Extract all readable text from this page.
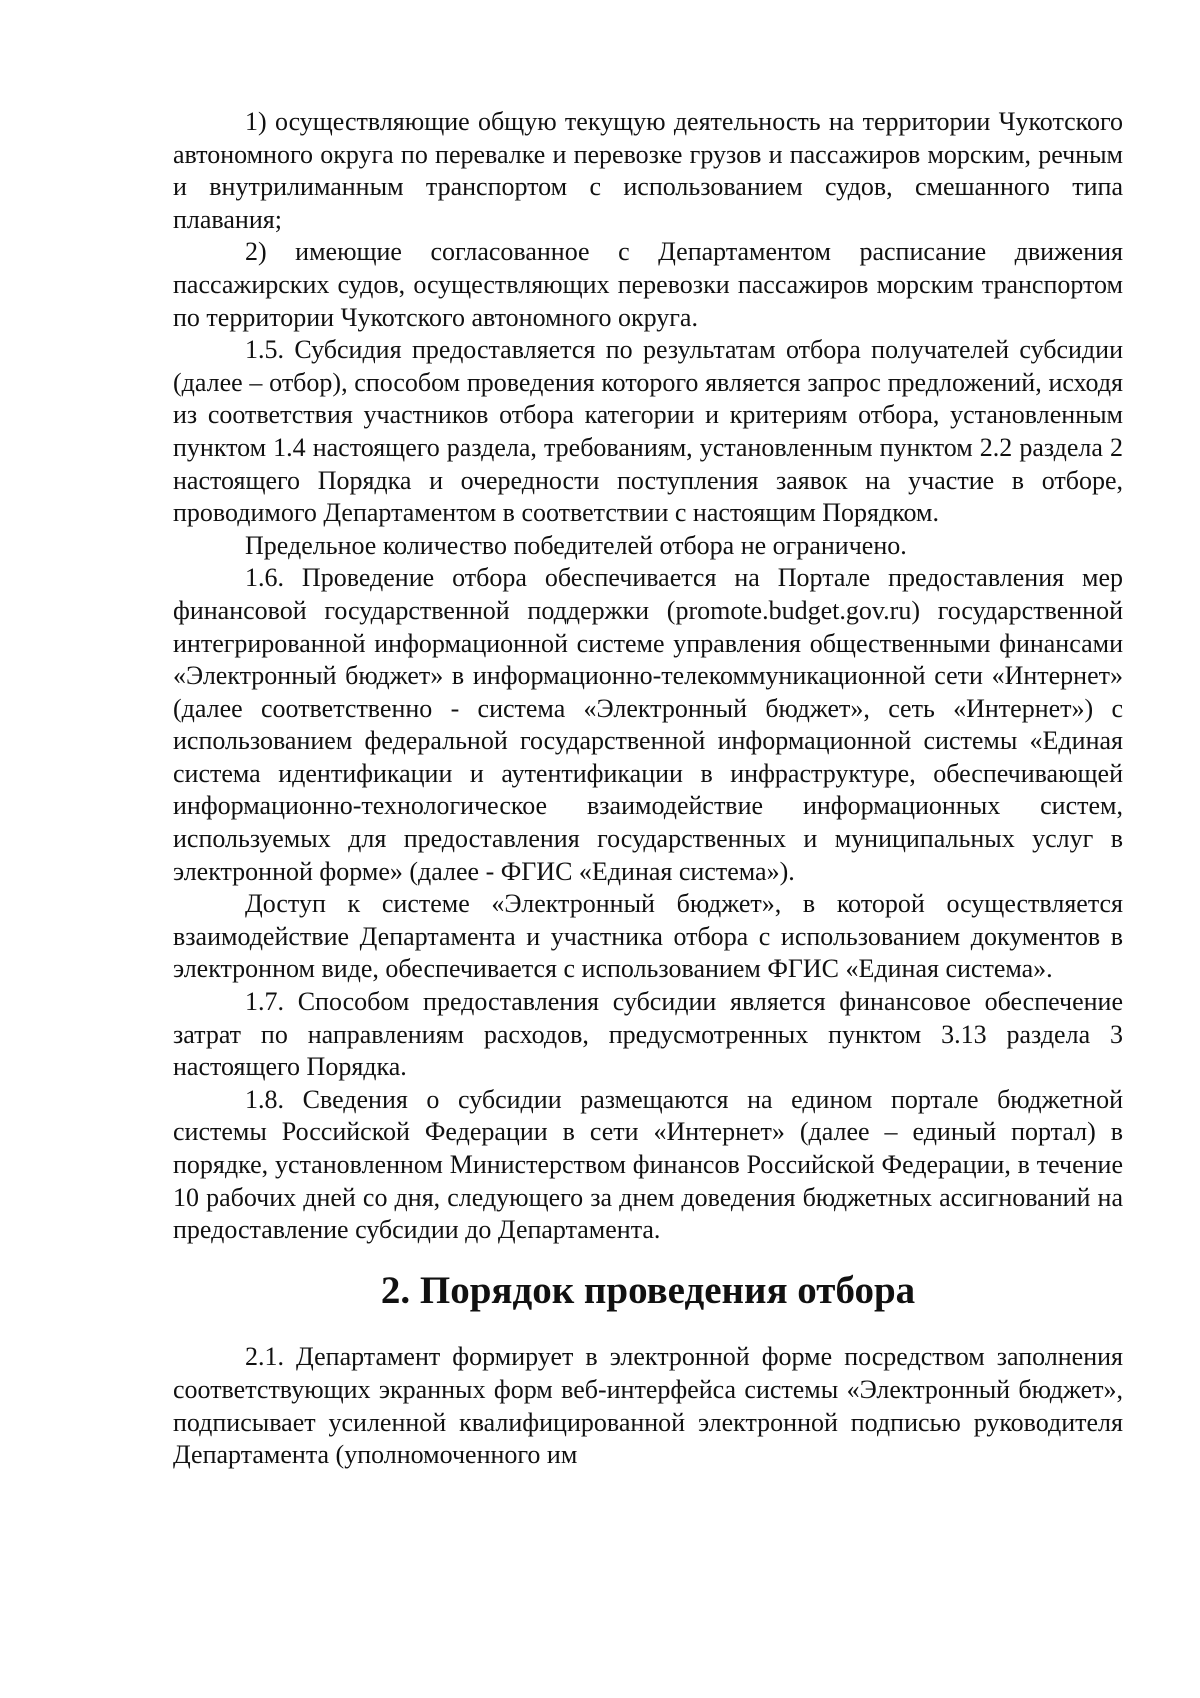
1) осуществляющие общую текущую деятельность на территории Чукотского автономного округа по перевалке и перевозке грузов и пассажиров морским, речным и внутрилиманным транспортом с использованием судов, смешанного типа плавания;

2) имеющие согласованное с Департаментом расписание движения пассажирских судов, осуществляющих перевозки пассажиров морским транспортом по территории Чукотского автономного округа.

1.5. Субсидия предоставляется по результатам отбора получателей субсидии (далее – отбор), способом проведения которого является запрос предложений, исходя из соответствия участников отбора категории и критериям отбора, установленным пунктом 1.4 настоящего раздела, требованиям, установленным пунктом 2.2 раздела 2 настоящего Порядка и очередности поступления заявок на участие в отборе, проводимого Департаментом в соответствии с настоящим Порядком.

Предельное количество победителей отбора не ограничено.

1.6. Проведение отбора обеспечивается на Портале предоставления мер финансовой государственной поддержки (promote.budget.gov.ru) государственной интегрированной информационной системе управления общественными финансами «Электронный бюджет» в информационно-телекоммуникационной сети «Интернет» (далее соответственно - система «Электронный бюджет», сеть «Интернет») с использованием федеральной государственной информационной системы «Единая система идентификации и аутентификации в инфраструктуре, обеспечивающей информационно-технологическое взаимодействие информационных систем, используемых для предоставления государственных и муниципальных услуг в электронной форме» (далее - ФГИС «Единая система»).

Доступ к системе «Электронный бюджет», в которой осуществляется взаимодействие Департамента и участника отбора с использованием документов в электронном виде, обеспечивается с использованием ФГИС «Единая система».

1.7. Способом предоставления субсидии является финансовое обеспечение затрат по направлениям расходов, предусмотренных пунктом 3.13 раздела 3 настоящего Порядка.

1.8. Сведения о субсидии размещаются на едином портале бюджетной системы Российской Федерации в сети «Интернет» (далее – единый портал) в порядке, установленном Министерством финансов Российской Федерации, в течение 10 рабочих дней со дня, следующего за днем доведения бюджетных ассигнований на предоставление субсидии до Департамента.

2. Порядок проведения отбора

2.1. Департамент формирует в электронной форме посредством заполнения соответствующих экранных форм веб-интерфейса системы «Электронный бюджет», подписывает усиленной квалифицированной электронной подписью руководителя Департамента (уполномоченного им
